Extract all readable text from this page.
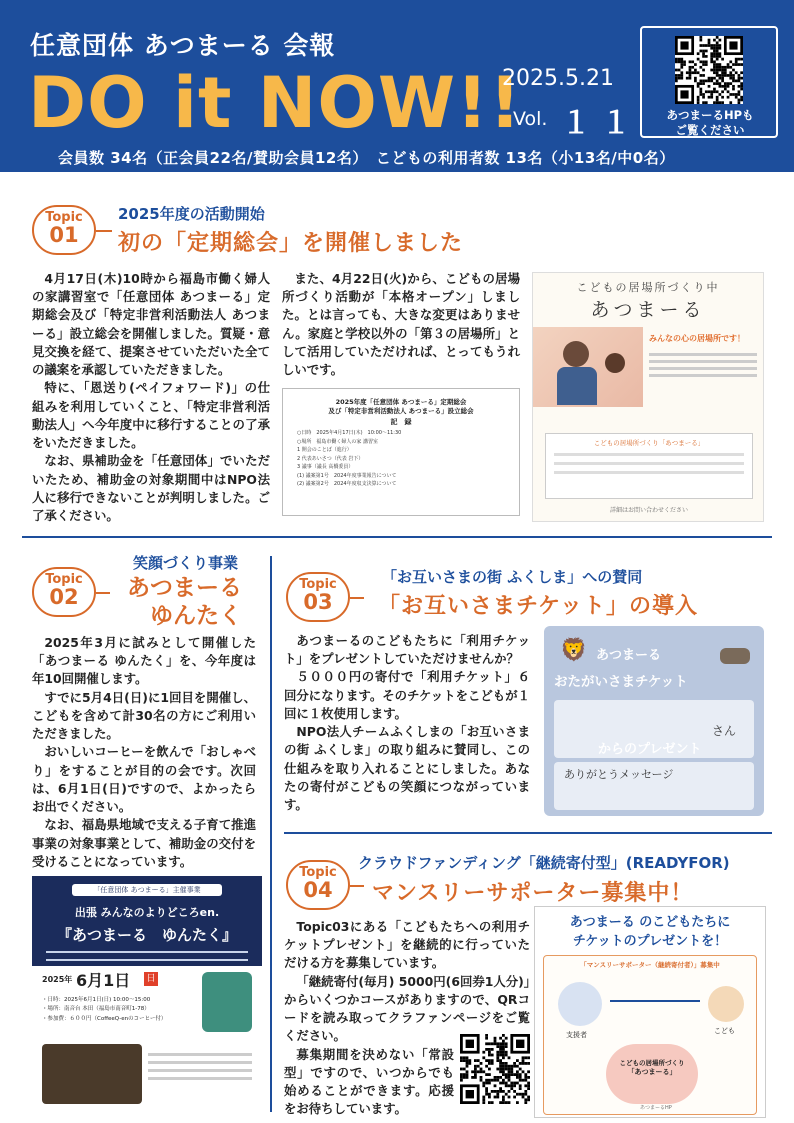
任意団体 あつまーる 会報
DO it NOW!!
2025.5.21
Vol. １１	あつまーるHPも
ご覧ください
会員数 34名（正会員22名/賛助会員12名）　こどもの利用者数 13名（小13名/中0名）
Topic
01
2025年度の活動開始
初の「定期総会」を開催しました

4月17日(木)10時から福島市働く婦人の家講習室で「任意団体 あつまーる」定期総会及び「特定非営利活動法人 あつまーる」設立総会を開催しました。質疑・意見交換を経て、提案させていただいた全ての議案を承認していただきました。

特に、「恩送り(ペイフォワード)」の仕組みを利用していくこと、「特定非営利活動法人」へ今年度中に移行することの了承をいただきました。

なお、県補助金を「任意団体」でいただいたため、補助金の対象期間中はNPO法人に移行できないことが判明しました。ご了承ください。

また、4月22日(火)から、こどもの居場所づくり活動が「本格オープン」しました。とは言っても、大きな変更はありません。家庭と学校以外の「第３の居場所」として活用していただければ、とってもうれしいです。

2025年度「任意団体 あつまーる」定期総会
及び「特定非営利活動法人 あつまーる」設立総会
記　録
○日時　2025年4月17日(木)　10:00～11:30
○場所　福島市働く婦人の家 講習室
1 開会のことば（進行）
2 代表あいさつ（代表 岩下）
3 議事（議長 高橋委員）
(1) 議案第1号　2024年度事業報告について
(2) 議案第2号　2024年度収支決算について
こどもの居場所づくり中
あつまーる
みんなの心の居場所です！
こどもの居場所づくり「あつまーる」
詳細はお問い合わせください
Topic
02
笑顔づくり事業
あつまーる
ゆんたく

2025年3月に試みとして開催した「あつまーる ゆんたく」を、今年度は年10回開催します。

すでに5月4日(日)に1回目を開催し、こどもを含めて計30名の方にご利用いただきました。

おいしいコーヒーを飲んで「おしゃべり」をすることが目的の会です。次回は、6月1日(日)ですので、よかったらお出でください。

なお、福島県地域で支える子育て推進事業の対象事業として、補助金の交付を受けることになっています。

「任意団体 あつまーる」主催事業
出張 みんなのよりどころen.
『あつまーる　ゆんたく』
2025年 6月1日 日
・日時：2025年6月1日(日) 10:00～15:00
・場所：南音台 本田（福島市南音町1-78）
・参加費：６００円（CoffeeQ-enのコーヒー付）
Topic
03
「お互いさまの街 ふくしま」への賛同
「お互いさまチケット」の導入

あつまーるのこどもたちに「利用チケット」をプレゼントしていただけませんか？

５０００円の寄付で「利用チケット」６回分になります。そのチケットをこどもが１回に１枚使用します。

NPO法人チームふくしまの「お互いさまの街 ふくしま」の取り組みに賛同し、この仕組みを取り入れることにしました。あなたの寄付がこどもの笑顔につながっています。

🦁 あつまーる
おたがいさまチケット
さん
からのプレゼント
ありがとうメッセージ
Topic
04
クラウドファンディング「継続寄付型」(READYFOR)
マンスリーサポーター募集中！

Topic03にある「こどもたちへの利用チケットプレゼント」を継続的に行っていただける方を募集しています。

「継続寄付(毎月) 5000円(6回券1人分)」からいくつかコースがありますので、QRコードを読み取ってクラファンページをご覧ください。

募集期間を決めない「常設型」ですので、いつからでも始めることができます。応援をお待ちしています。

あつまーる のこどもたちに
チケットのプレゼントを！
「マンスリーサポーター（継続寄付者）」募集中
支援者	こども
こどもの居場所づくり
「あつまーる」
あつまーるHP
